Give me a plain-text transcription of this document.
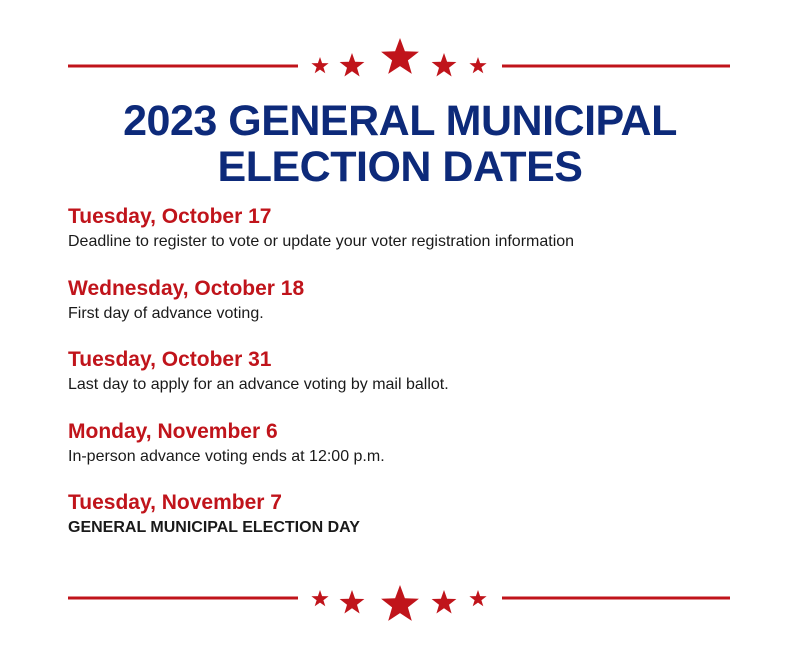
2023 GENERAL MUNICIPAL
ELECTION DATES

Tuesday, October 17

Deadline to register to vote or update your voter registration information

Wednesday, October 18

First day of advance voting.

Tuesday, October 31

Last day to apply for an advance voting by mail ballot.

Monday, November 6

In-person advance voting ends at 12:00 p.m.

Tuesday, November 7

GENERAL MUNICIPAL ELECTION DAY
